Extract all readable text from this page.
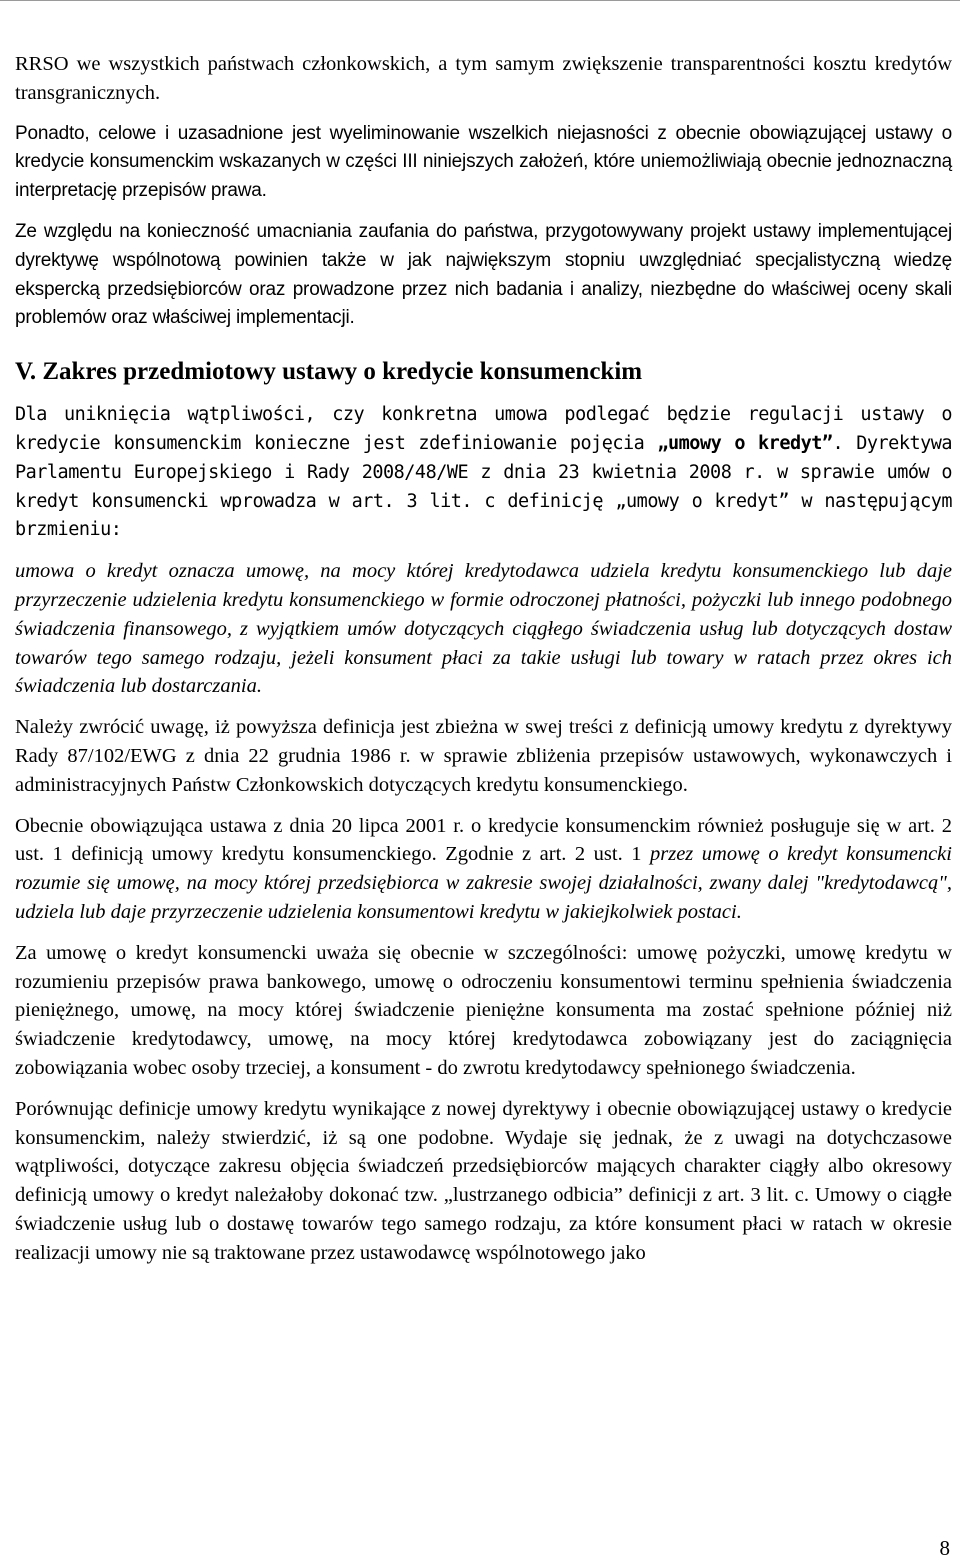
RRSO we wszystkich państwach członkowskich, a tym samym zwiększenie transparentności kosztu kredytów transgranicznych.

Ponadto, celowe i uzasadnione jest wyeliminowanie wszelkich niejasności z obecnie obowiązującej ustawy o kredycie konsumenckim wskazanych w części III niniejszych założeń, które uniemożliwiają obecnie jednoznaczną interpretację przepisów prawa.

Ze względu na konieczność umacniania zaufania do państwa, przygotowywany projekt ustawy implementującej dyrektywę wspólnotową powinien także w jak największym stopniu uwzględniać specjalistyczną wiedzę ekspercką przedsiębiorców oraz prowadzone przez nich badania i analizy, niezbędne do właściwej oceny skali problemów oraz właściwej implementacji.

V. Zakres przedmiotowy ustawy o kredycie konsumenckim

Dla uniknięcia wątpliwości, czy konkretna umowa podlegać będzie regulacji ustawy o kredycie konsumenckim konieczne jest zdefiniowanie pojęcia „umowy o kredyt”. Dyrektywa Parlamentu Europejskiego i Rady 2008/48/WE z dnia 23 kwietnia 2008 r. w sprawie umów o kredyt konsumencki wprowadza w art. 3 lit. c definicję „umowy o kredyt” w następującym brzmieniu:

umowa o kredyt oznacza umowę, na mocy której kredytodawca udziela kredytu konsumenckiego lub daje przyrzeczenie udzielenia kredytu konsumenckiego w formie odroczonej płatności, pożyczki lub innego podobnego świadczenia finansowego, z wyjątkiem umów dotyczących ciągłego świadczenia usług lub dotyczących dostaw towarów tego samego rodzaju, jeżeli konsument płaci za takie usługi lub towary w ratach przez okres ich świadczenia lub dostarczania.

Należy zwrócić uwagę, iż powyższa definicja jest zbieżna w swej treści z definicją umowy kredytu z dyrektywy Rady 87/102/EWG z dnia 22 grudnia 1986 r. w sprawie zbliżenia przepisów ustawowych, wykonawczych i administracyjnych Państw Członkowskich dotyczących kredytu konsumenckiego.

Obecnie obowiązująca ustawa z dnia 20 lipca 2001 r. o kredycie konsumenckim również posługuje się w art. 2 ust. 1 definicją umowy kredytu konsumenckiego. Zgodnie z art. 2 ust. 1 przez umowę o kredyt konsumencki rozumie się umowę, na mocy której przedsiębiorca w zakresie swojej działalności, zwany dalej "kredytodawcą", udziela lub daje przyrzeczenie udzielenia konsumentowi kredytu w jakiejkolwiek postaci.

Za umowę o kredyt konsumencki uważa się obecnie w szczególności: umowę pożyczki, umowę kredytu w rozumieniu przepisów prawa bankowego, umowę o odroczeniu konsumentowi terminu spełnienia świadczenia pieniężnego, umowę, na mocy której świadczenie pieniężne konsumenta ma zostać spełnione później niż świadczenie kredytodawcy, umowę, na mocy której kredytodawca zobowiązany jest do zaciągnięcia zobowiązania wobec osoby trzeciej, a konsument - do zwrotu kredytodawcy spełnionego świadczenia.

Porównując definicje umowy kredytu wynikające z nowej dyrektywy i obecnie obowiązującej ustawy o kredycie konsumenckim, należy stwierdzić, iż są one podobne. Wydaje się jednak, że z uwagi na dotychczasowe wątpliwości, dotyczące zakresu objęcia świadczeń przedsiębiorców mających charakter ciągły albo okresowy definicją umowy o kredyt należałoby dokonać tzw. „lustrzanego odbicia” definicji z art. 3 lit. c. Umowy o ciągłe świadczenie usług lub o dostawę towarów tego samego rodzaju, za które konsument płaci w ratach w okresie realizacji umowy nie są traktowane przez ustawodawcę wspólnotowego jako

8
